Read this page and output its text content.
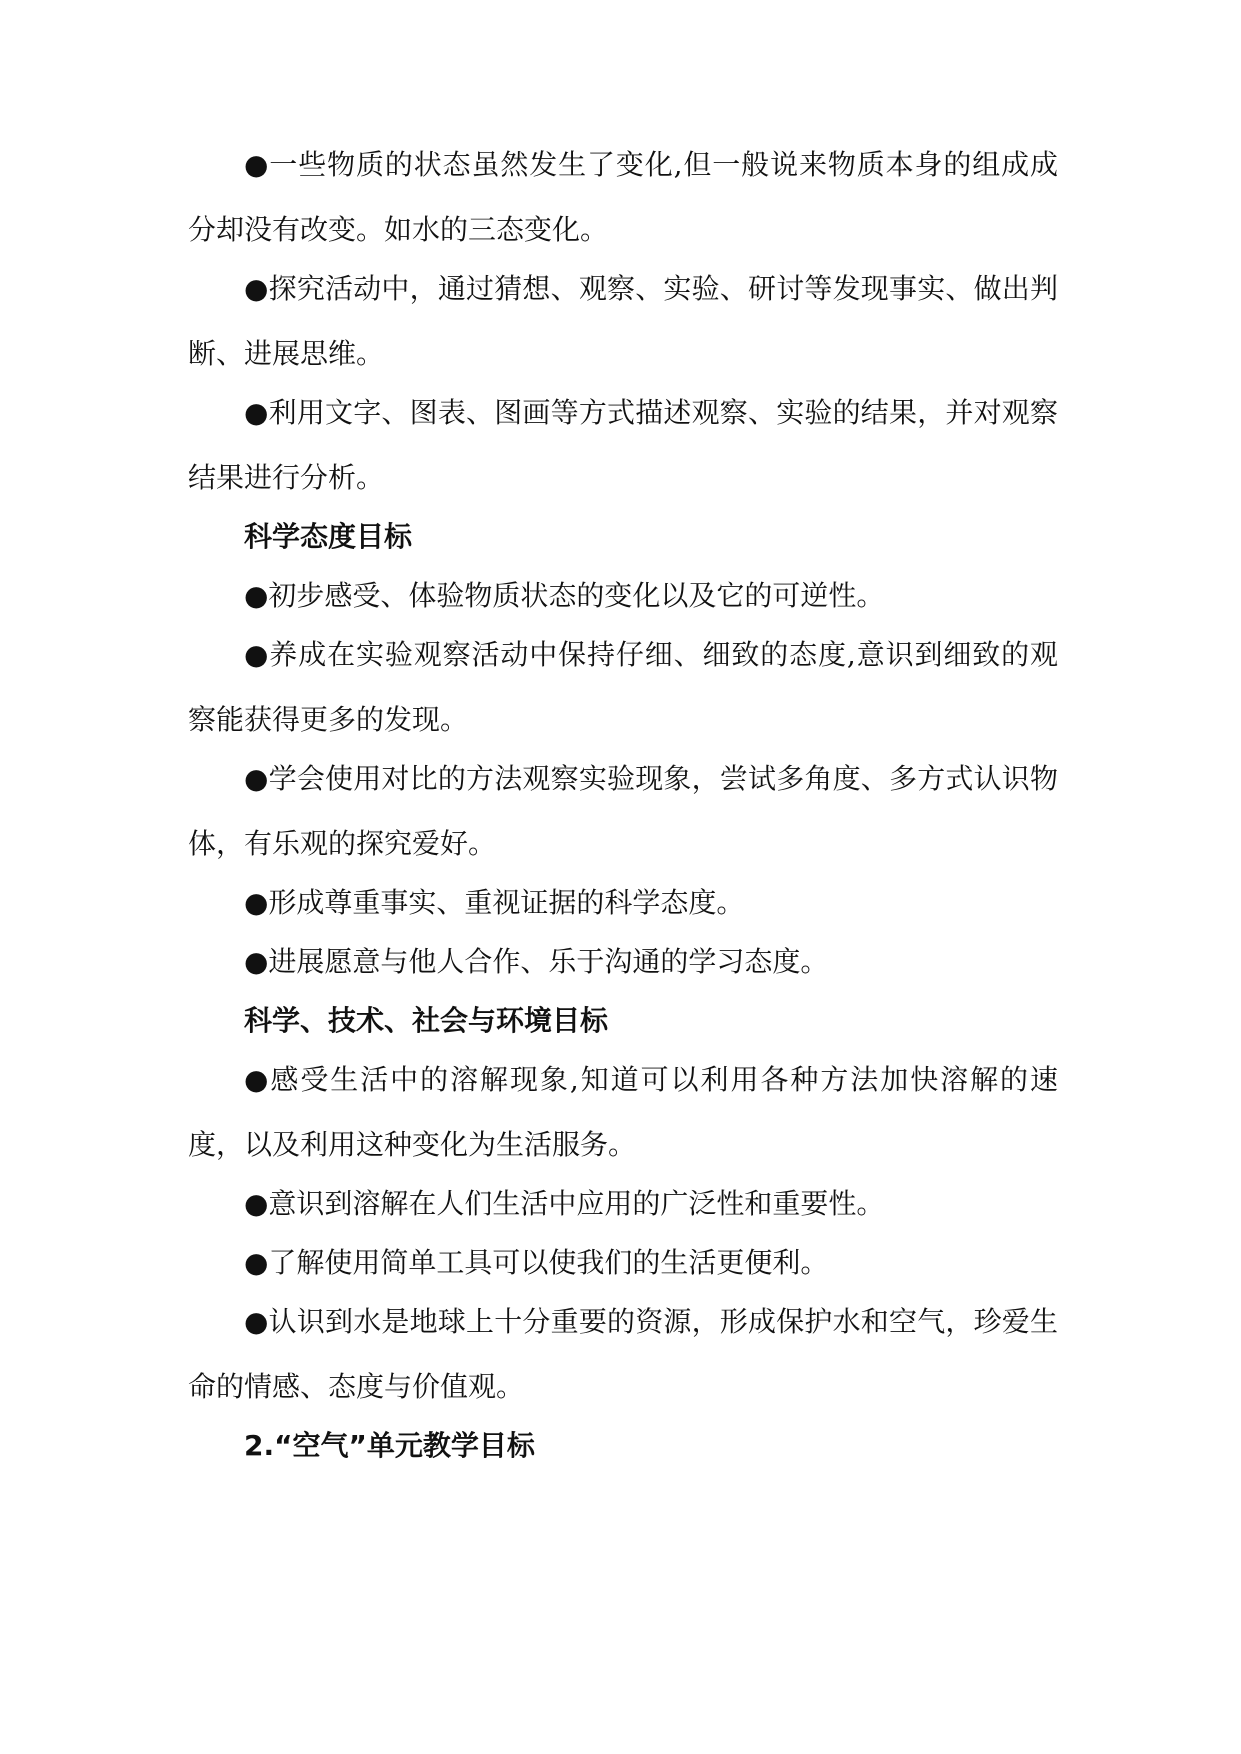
●一些物质的状态虽然发生了变化,但一般说来物质本身的组成成分却没有改变。如水的三态变化。

●探究活动中，通过猜想、观察、实验、研讨等发现事实、做出判断、进展思维。

●利用文字、图表、图画等方式描述观察、实验的结果，并对观察结果进行分析。

科学态度目标

●初步感受、体验物质状态的变化以及它的可逆性。

●养成在实验观察活动中保持仔细、细致的态度,意识到细致的观察能获得更多的发现。

●学会使用对比的方法观察实验现象，尝试多角度、多方式认识物体，有乐观的探究爱好。

●形成尊重事实、重视证据的科学态度。

●进展愿意与他人合作、乐于沟通的学习态度。

科学、技术、社会与环境目标

●感受生活中的溶解现象,知道可以利用各种方法加快溶解的速度，以及利用这种变化为生活服务。

●意识到溶解在人们生活中应用的广泛性和重要性。

●了解使用简单工具可以使我们的生活更便利。

●认识到水是地球上十分重要的资源，形成保护水和空气，珍爱生命的情感、态度与价值观。

2.“空气”单元教学目标
